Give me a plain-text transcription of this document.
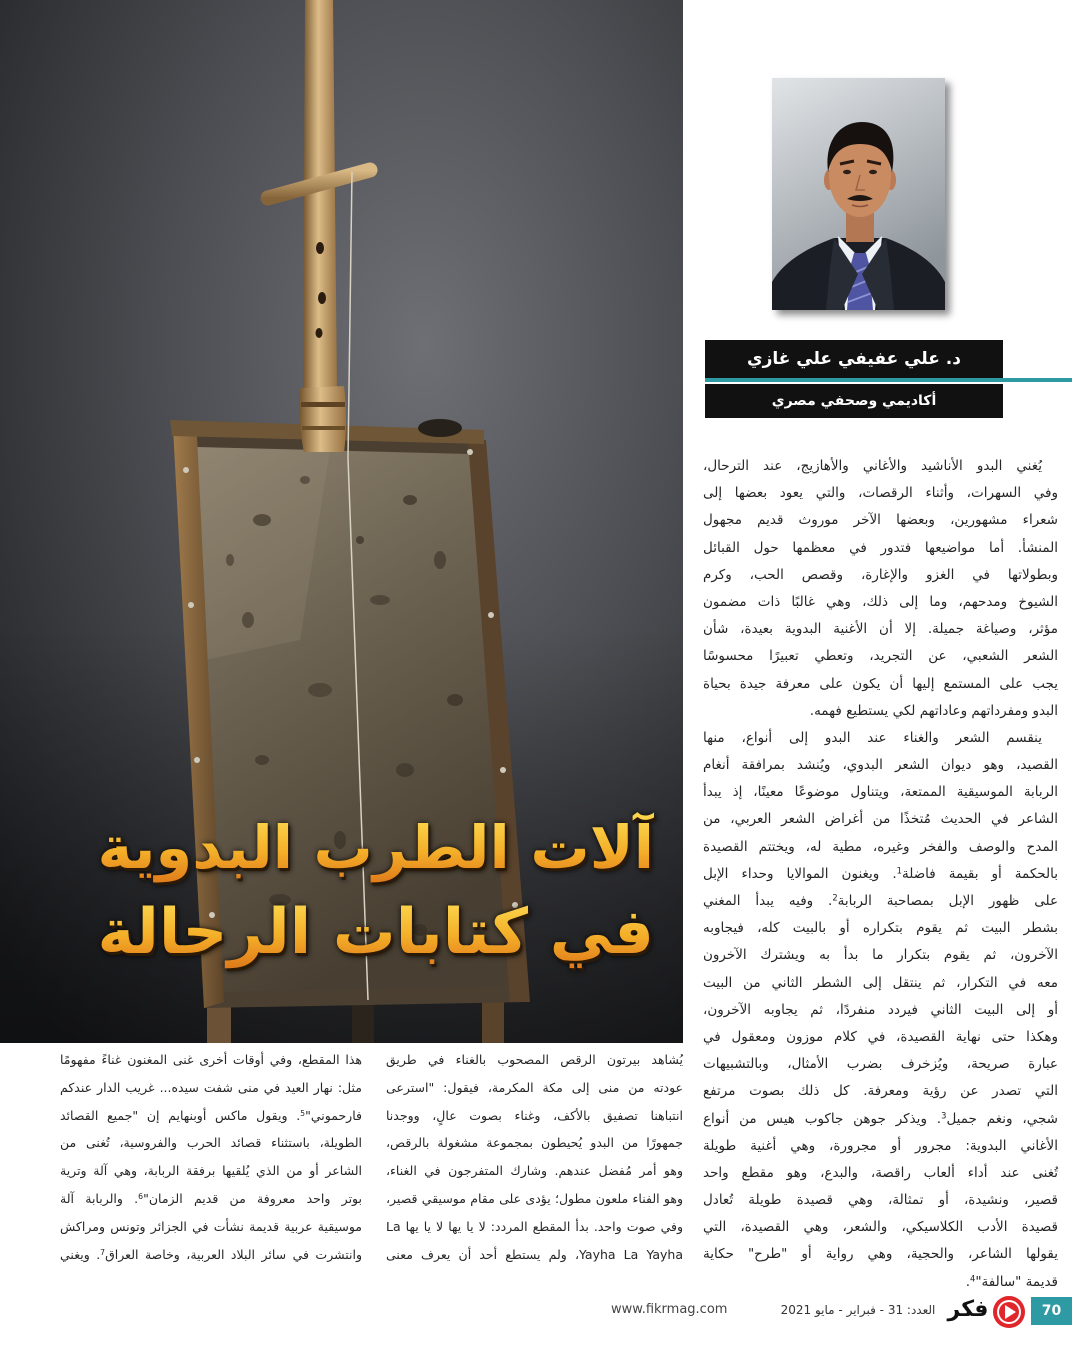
آلات الطرب البدوية
في كتابات الرحالة
د. علي عفيفي علي غازي
أكاديمي وصحفي مصري
يُغني البدو الأناشيد والأغاني والأهازيج، عند الترحال،
وفي السهرات، وأثناء الرقصات، والتي يعود بعضها إلى
شعراء مشهورين، وبعضها الآخر موروث قديم مجهول
المنشأ. أما مواضيعها فتدور في معظمها حول القبائل
وبطولاتها في الغزو والإغارة، وقصص الحب، وكرم
الشيوخ ومدحهم، وما إلى ذلك، وهي غالبًا ذات مضمون
مؤثر، وصياغة جميلة. إلا أن الأغنية البدوية بعيدة، شأن
الشعر الشعبي، عن التجريد، وتعطي تعبيرًا محسوسًا
يجب على المستمع إليها أن يكون على معرفة جيدة بحياة
البدو ومفرداتهم وعاداتهم لكي يستطيع فهمه.
ينقسم الشعر والغناء عند البدو إلى أنواع، منها
القصيد، وهو ديوان الشعر البدوي، ويُنشد بمرافقة أنغام
الربابة الموسيقية الممتعة، ويتناول موضوعًا معينًا، إذ يبدأ
الشاعر في الحديث مُتخذًا من أغراض الشعر العربي، من
المدح والوصف والفخر وغيره، مطية له، ويختتم القصيدة
بالحكمة أو بقيمة فاضلة$^1$. ويغنون الموالايا وحداء الإبل
على ظهور الإبل بمصاحبة الربابة$^2$. وفيه يبدأ المغني
بشطر البيت ثم يقوم بتكراره أو بالبيت كله، فيجاوبه
الآخرون، ثم يقوم بتكرار ما بدأ به ويشترك الآخرون
معه في التكرار، ثم ينتقل إلى الشطر الثاني من البيت
أو إلى البيت الثاني فيردد منفردًا، ثم يجاوبه الآخرون،
وهكذا حتى نهاية القصيدة، في كلام موزون ومعقول في
عبارة صريحة، ويُزخرف بضرب الأمثال، وبالتشبيهات
التي تصدر عن رؤية ومعرفة. كل ذلك بصوت مرتفع
شجي، ونغم جميل$^3$. ويذكر جوهن جاكوب هيس من أنواع
الأغاني البدوية: مجرور أو مجرورة، وهي أغنية طويلة
تُغنى عند أداء ألعاب راقصة، والبدع، وهو مقطع واحد
قصير، ونشيدة، أو تمثالة، وهي قصيدة طويلة تُعادل
قصيدة الأدب الكلاسيكي، والشعر، وهي القصيدة، التي
يقولها الشاعر، والحجية، وهي رواية أو "طرح" حكاية
قديمة "سالفة"$^4$.
يُشاهد بيرتون الرقص المصحوب بالغناء في طريق
عودته من منى إلى مكة المكرمة، فيقول: "استرعى
انتباهنا تصفيق بالأكف، وغناء بصوت عالٍ، ووجدنا
جمهورًا من البدو يُحيطون بمجموعة مشغولة بالرقص،
وهو أمر مُفضل عندهم. وشارك المتفرجون في الغناء،
وهو الفناء ملعون مطول؛ يؤدى على مقام موسيقي قصير،
وفي صوت واحد. بدأ المقطع المردد: لا يا يها لا يا يها La
Yayha La Yayha، ولم يستطع أحد أن يعرف معنى
هذا المقطع، وفي أوقات أخرى غنى المغنون غناءً مفهومًا
مثل: نهار العيد في منى شفت سيده... غريب الدار عندكم
فارحموني"$^5$. ويقول ماكس أوبنهايم إن "جميع القصائد
الطويلة، باستثناء قصائد الحرب والفروسية، تُغنى من
الشاعر أو من الذي يُلقيها برفقة الربابة، وهي آلة وترية
بوتر واحد معروفة من قديم الزمان"$^6$. والربابة آلة
موسيقية عربية قديمة نشأت في الجزائر وتونس ومراكش
وانتشرت في سائر البلاد العربية، وخاصة العراق$^7$. ويغني
www.fikrmag.com	العدد: 31 - فبراير - مايو 2021 فكر	70
